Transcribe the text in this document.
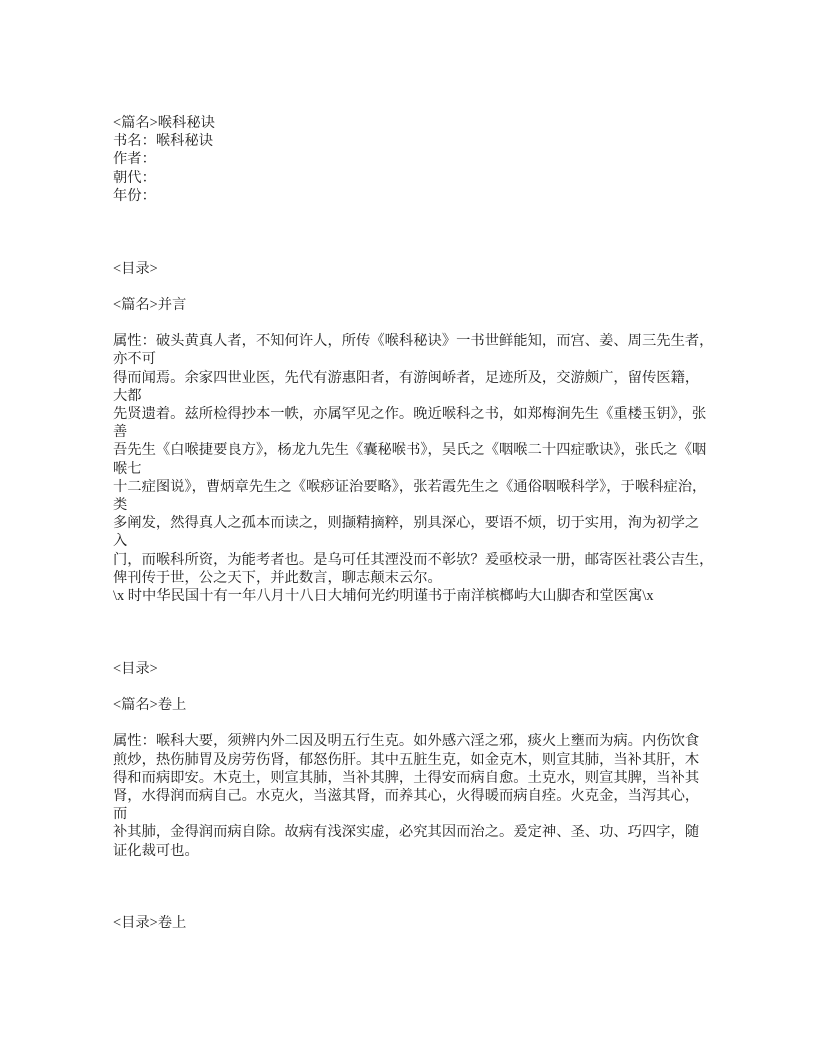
<篇名>喉科秘诀
书名：喉科秘诀
作者：
朝代：
年份：
<目录>
<篇名>并言
属性：破头黄真人者，不知何许人，所传《喉科秘诀》一书世鲜能知，而宫、姜、周三先生者，
亦不可
得而闻焉。余家四世业医，先代有游惠阳者，有游闽峤者，足迹所及，交游颇广，留传医籍，
大都
先贤遗着。兹所检得抄本一帙，亦属罕见之作。晚近喉科之书，如郑梅涧先生《重楼玉钥》，张
善
吾先生《白喉捷要良方》，杨龙九先生《囊秘喉书》，吴氏之《咽喉二十四症歌诀》，张氏之《咽
喉七
十二症图说》，曹炳章先生之《喉痧证治要略》，张若霞先生之《通俗咽喉科学》，于喉科症治，
类
多阐发，然得真人之孤本而读之，则撷精摘粹，别具深心，要语不烦，切于实用，洵为初学之
入
门，而喉科所资，为能考者也。是乌可任其湮没而不彰欤？爰亟校录一册，邮寄医社裘公吉生，
俾刊传于世，公之天下，并此数言，聊志颠末云尔。
\x 时中华民国十有一年八月十八日大埔何光约明谨书于南洋槟榔屿大山脚杏和堂医寓\x
<目录>
<篇名>卷上
属性：喉科大要，须辨内外二因及明五行生克。如外感六淫之邪，痰火上壅而为病。内伤饮食
煎炒，热伤肺胃及房劳伤肾，郁怒伤肝。其中五脏生克，如金克木，则宣其肺，当补其肝，木
得和而病即安。木克土，则宣其肺，当补其脾，土得安而病自愈。土克水，则宣其脾，当补其
肾，水得润而病自己。水克火，当滋其肾，而养其心，火得暖而病自痊。火克金，当泻其心，
而
补其肺，金得润而病自除。故病有浅深实虚，必究其因而治之。爰定神、圣、功、巧四字，随
证化裁可也。
<目录>卷上
